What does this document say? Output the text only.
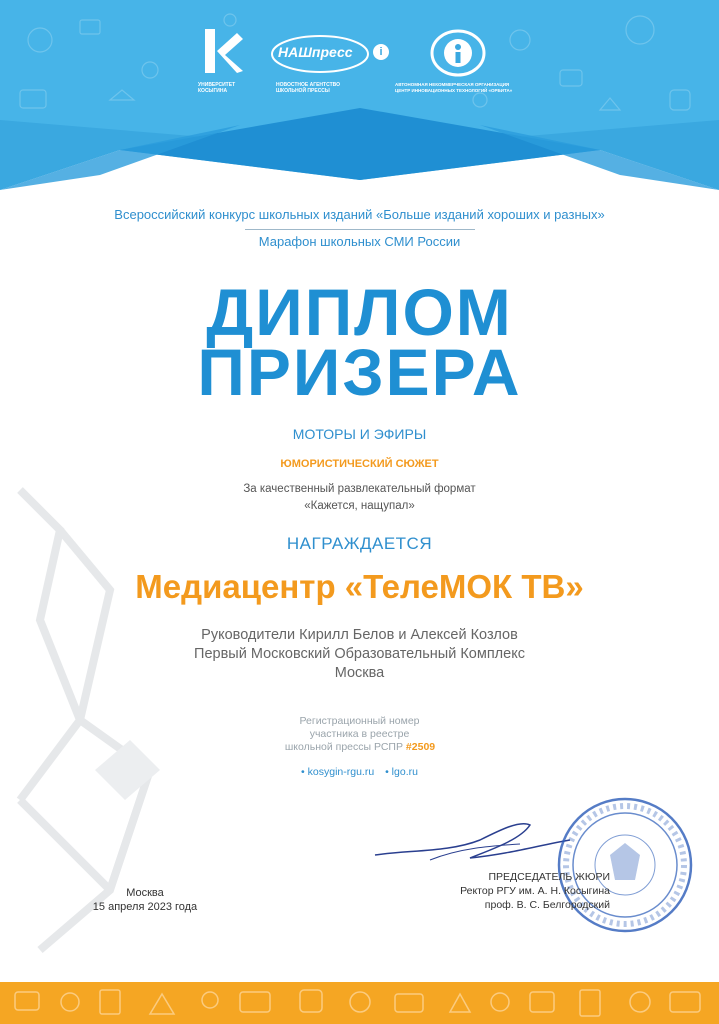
УНИВЕРСИТЕТ КОСЫГИНА
НАШпресс	i
НОВОСТНОЕ АГЕНТСТВО ШКОЛЬНОЙ ПРЕССЫ
АВТОНОМНАЯ НЕКОММЕРЧЕСКАЯ ОРГАНИЗАЦИЯ ЦЕНТР ИННОВАЦИОННЫХ ТЕХНОЛОГИЙ «ОРБИТА»
Всероссийский конкурс школьных изданий «Больше изданий хороших и разных»
Марафон школьных СМИ России
ДИПЛОМ
ПРИЗЕРА
МОТОРЫ И ЭФИРЫ
ЮМОРИСТИЧЕСКИЙ СЮЖЕТ
За качественный развлекательный формат
«Кажется, нащупал»
НАГРАЖДАЕТСЯ
Медиацентр «ТелеМОК ТВ»
Руководители Кирилл Белов и Алексей Козлов
Первый Московский Образовательный Комплекс
Москва
Регистрационный номер
участника в реестре
школьной прессы РСПР #2509
• kosygin-rgu.ru • lgo.ru
Москва
15 апреля 2023 года
ПРЕДСЕДАТЕЛЬ ЖЮРИ
Ректор РГУ им. А. Н. Косыгина
проф. В. С. Белгородский
